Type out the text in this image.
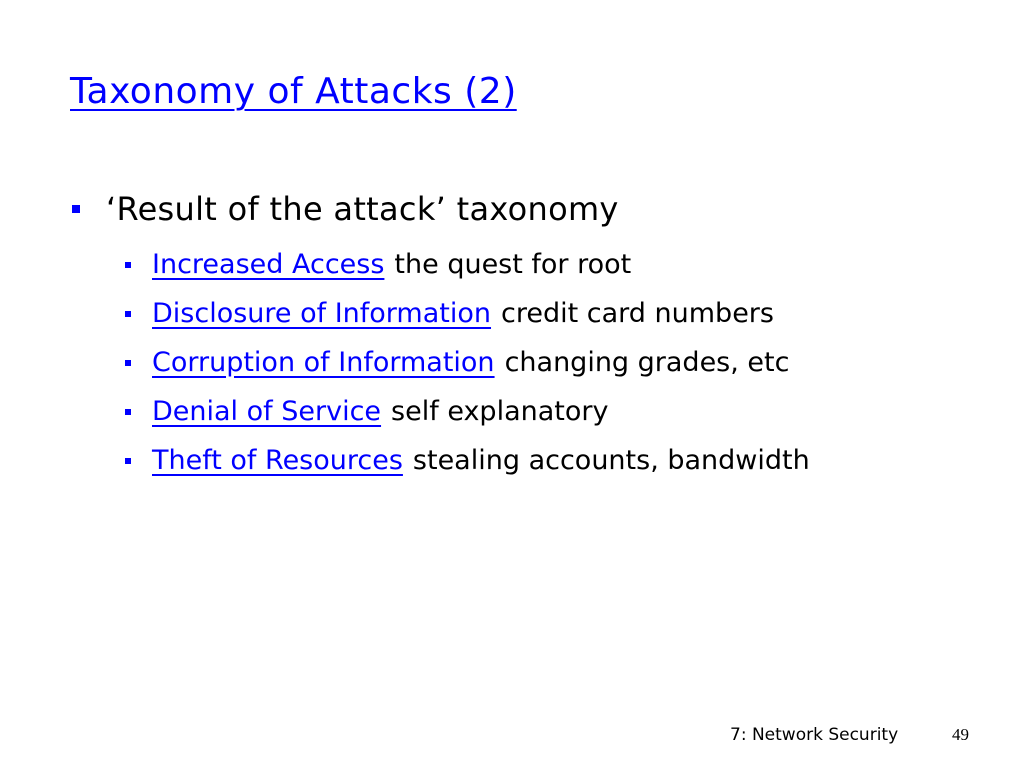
Taxonomy of Attacks (2)
‘Result of the attack’ taxonomy
Increased Access the quest for root
Disclosure of Information credit card numbers
Corruption of Information changing grades, etc
Denial of Service self explanatory
Theft of Resources stealing accounts, bandwidth
7: Network Security	49
